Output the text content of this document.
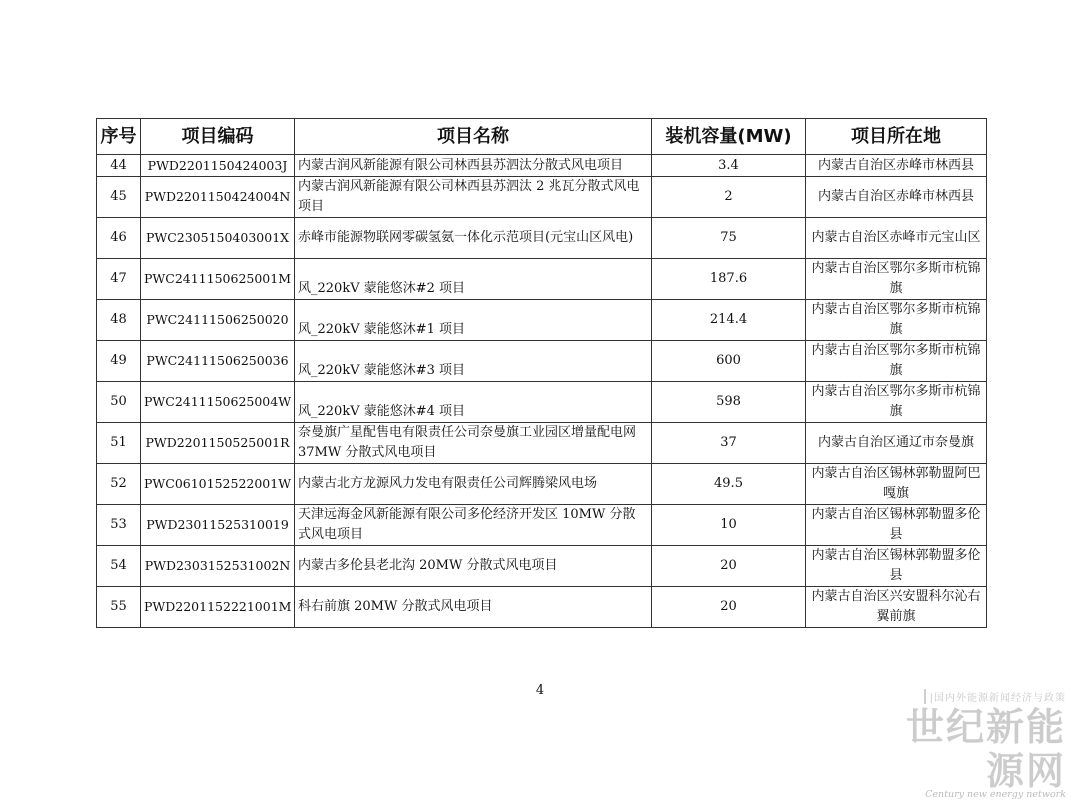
序号	项目编码	项目名称	装机容量(MW)	项目所在地
44	PWD2201150424003J	内蒙古润风新能源有限公司林西县苏泗汰分散式风电项目	3.4	内蒙古自治区赤峰市林西县
45	PWD2201150424004N	内蒙古润风新能源有限公司林西县苏泗汰 2 兆瓦分散式风电项目	2	内蒙古自治区赤峰市林西县
46	PWC2305150403001X	赤峰市能源物联网零碳氢氨一体化示范项目(元宝山区风电)	75	内蒙古自治区赤峰市元宝山区
47	PWC2411150625001M	风_220kV 蒙能悠沐#2 项目	187.6	内蒙古自治区鄂尔多斯市杭锦旗
48	PWC24111506250020	风_220kV 蒙能悠沐#1 项目	214.4	内蒙古自治区鄂尔多斯市杭锦旗
49	PWC24111506250036	风_220kV 蒙能悠沐#3 项目	600	内蒙古自治区鄂尔多斯市杭锦旗
50	PWC2411150625004W	风_220kV 蒙能悠沐#4 项目	598	内蒙古自治区鄂尔多斯市杭锦旗
51	PWD2201150525001R	奈曼旗广星配售电有限责任公司奈曼旗工业园区增量配电网 37MW 分散式风电项目	37	内蒙古自治区通辽市奈曼旗
52	PWC0610152522001W	内蒙古北方龙源风力发电有限责任公司辉腾梁风电场	49.5	内蒙古自治区锡林郭勒盟阿巴嘎旗
53	PWD23011525310019	天津远海金风新能源有限公司多伦经济开发区 10MW 分散式风电项目	10	内蒙古自治区锡林郭勒盟多伦县
54	PWD2303152531002N	内蒙古多伦县老北沟 20MW 分散式风电项目	20	内蒙古自治区锡林郭勒盟多伦县
55	PWD2201152221001M	科右前旗 20MW 分散式风电项目	20	内蒙古自治区兴安盟科尔沁右翼前旗
4
|国内外能源新闻经济与政策
世纪新能源网
Century new energy network
